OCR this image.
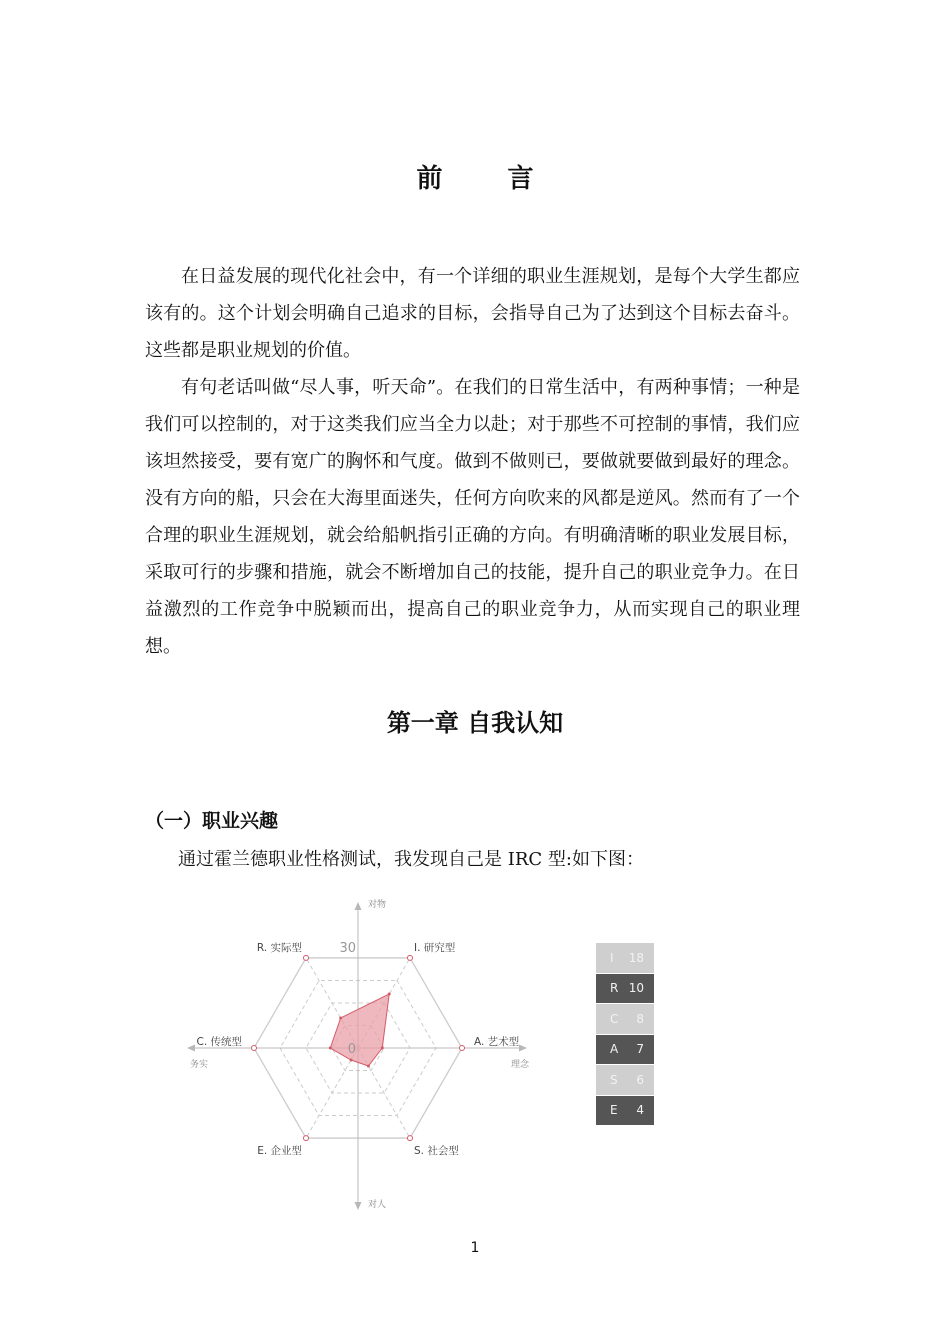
前 言

在日益发展的现代化社会中，有一个详细的职业生涯规划，是每个大学生都应该有的。这个计划会明确自己追求的目标，会指导自己为了达到这个目标去奋斗。这些都是职业规划的价值。

有句老话叫做“尽人事，听天命”。在我们的日常生活中，有两种事情；一种是我们可以控制的，对于这类我们应当全力以赴；对于那些不可控制的事情，我们应该坦然接受，要有宽广的胸怀和气度。做到不做则已，要做就要做到最好的理念。没有方向的船，只会在大海里面迷失，任何方向吹来的风都是逆风。然而有了一个合理的职业生涯规划，就会给船帆指引正确的方向。有明确清晰的职业发展目标，采取可行的步骤和措施，就会不断增加自己的技能，提升自己的职业竞争力。在日益激烈的工作竞争中脱颖而出，提高自己的职业竞争力，从而实现自己的职业理想。

第一章 自我认知
（一）职业兴趣
通过霍兰德职业性格测试，我发现自己是 IRC 型:如下图：
30
0
I. 研究型
A. 艺术型
S. 社会型
E. 企业型
C. 传统型
R. 实际型
对物
对人
务实	理念
I 18
R 10
C 8
A 7
S 6
E 4
1
